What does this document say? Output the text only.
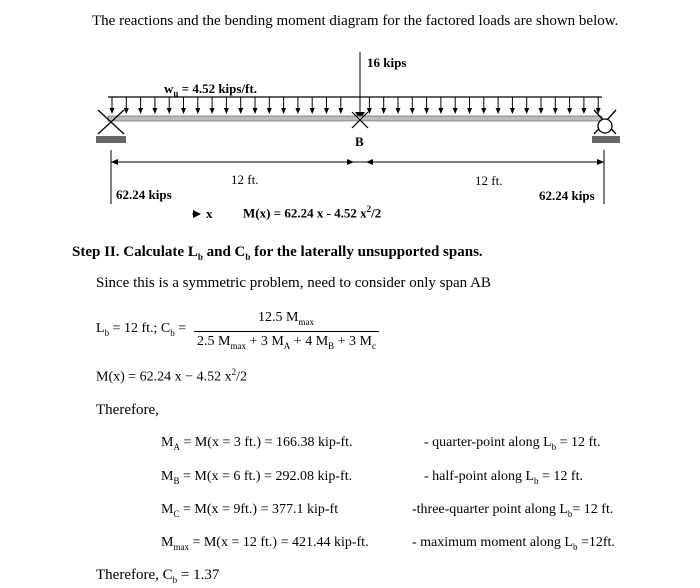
The reactions and the bending moment diagram for the factored loads are shown below.
16 kips
$w_u = 4.52$ kips/ft.
B
12 ft.	12 ft.
62.24 kips	62.24 kips
x M(x) = 62.24 x - 4.52 $x^2/2$
Step II. Calculate $L_b$ and $C_b$ for the laterally unsupported spans.
Since this is a symmetric problem, need to consider only span AB
$L_b = 12$ ft.; $C_b$ =
12.5 $M_{max}$
2.5 $M_{max} + 3$ $M_A + 4$ $M_B + 3$ $M_c$
M(x) = 62.24 x − 4.52 $x^2/2$
Therefore,
$M_A = M(x = 3$ ft.) = 166.38 kip-ft.	- quarter-point along $L_b = 12$ ft.
$M_B = M(x = 6$ ft.) = 292.08 kip-ft.	- half-point along $L_b = 12$ ft.
$M_C = M(x = 9ft.) = 377.1$ kip-ft	-three-quarter point along $L_b= 12$ ft.
$M_{max} = M(x = 12$ ft.) = 421.44 kip-ft.	- maximum moment along $L_b =12ft$.
Therefore, $C_b = 1.37$
